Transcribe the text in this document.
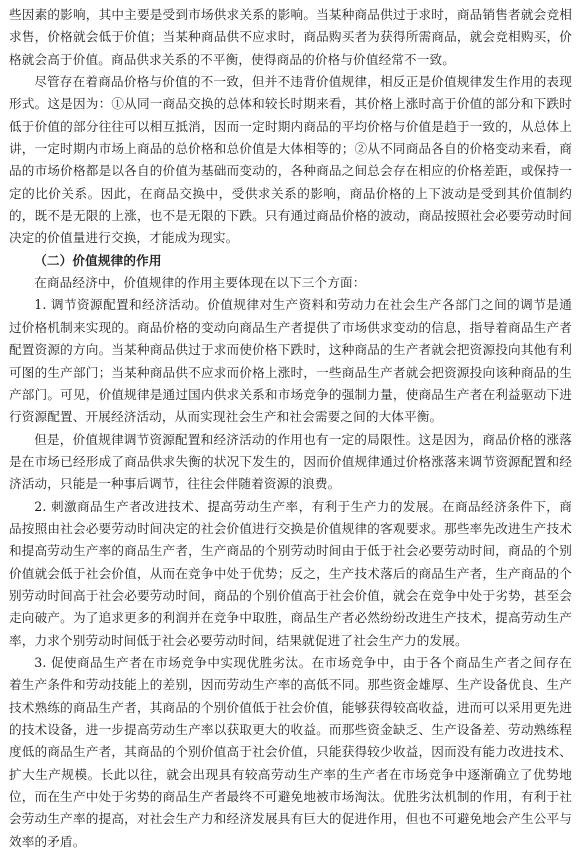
些因素的影响，其中主要是受到市场供求关系的影响。当某种商品供过于求时，商品销售者就会竞相求售，价格就会低于价值；当某种商品供不应求时，商品购买者为获得所需商品，就会竞相购买，价格就会高于价值。商品供求关系的不平衡，使得商品的价格与价值经常不一致。

尽管存在着商品价格与价值的不一致，但并不违背价值规律，相反正是价值规律发生作用的表现形式。这是因为：①从同一商品交换的总体和较长时期来看，其价格上涨时高于价值的部分和下跌时低于价值的部分往往可以相互抵消，因而一定时期内商品的平均价格与价值是趋于一致的，从总体上讲，一定时期内市场上商品的总价格和总价值是大体相等的；②从不同商品各自的价格变动来看，商品的市场价格都是以各自的价值为基础而变动的，各种商品之间总会存在相应的价格差距，或保持一定的比价关系。因此，在商品交换中，受供求关系的影响，商品价格的上下波动是受到其价值制约的，既不是无限的上涨，也不是无限的下跌。只有通过商品价格的波动，商品按照社会必要劳动时间决定的价值量进行交换，才能成为现实。

（二）价值规律的作用

在商品经济中，价值规律的作用主要体现在以下三个方面：

1. 调节资源配置和经济活动。价值规律对生产资料和劳动力在社会生产各部门之间的调节是通过价格机制来实现的。商品价格的变动向商品生产者提供了市场供求变动的信息，指导着商品生产者配置资源的方向。当某种商品供过于求而使价格下跌时，这种商品的生产者就会把资源投向其他有利可图的生产部门；当某种商品供不应求而价格上涨时，一些商品生产者就会把资源投向该种商品的生产部门。可见，价值规律是通过国内供求关系和市场竞争的强制力量，使商品生产者在利益驱动下进行资源配置、开展经济活动，从而实现社会生产和社会需要之间的大体平衡。

但是，价值规律调节资源配置和经济活动的作用也有一定的局限性。这是因为，商品价格的涨落是在市场已经形成了商品供求失衡的状况下发生的，因而价值规律通过价格涨落来调节资源配置和经济活动，只能是一种事后调节，往往会伴随着资源的浪费。

2. 刺激商品生产者改进技术、提高劳动生产率，有利于生产力的发展。在商品经济条件下，商品按照由社会必要劳动时间决定的社会价值进行交换是价值规律的客观要求。那些率先改进生产技术和提高劳动生产率的商品生产者，生产商品的个别劳动时间由于低于社会必要劳动时间，商品的个别价值就会低于社会价值，从而在竞争中处于优势；反之，生产技术落后的商品生产者，生产商品的个别劳动时间高于社会必要劳动时间，商品的个别价值高于社会价值，就会在竞争中处于劣势，甚至会走向破产。为了追求更多的利润并在竞争中取胜，商品生产者必然纷纷改进生产技术，提高劳动生产率，力求个别劳动时间低于社会必要劳动时间，结果就促进了社会生产力的发展。

3. 促使商品生产者在市场竞争中实现优胜劣汰。在市场竞争中，由于各个商品生产者之间存在着生产条件和劳动技能上的差别，因而劳动生产率的高低不同。那些资金雄厚、生产设备优良、生产技术熟练的商品生产者，其商品的个别价值低于社会价值，能够获得较高收益，进而可以采用更先进的技术设备，进一步提高劳动生产率以获取更大的收益。而那些资金缺乏、生产设备差、劳动熟练程度低的商品生产者，其商品的个别价值高于社会价值，只能获得较少收益，因而没有能力改进技术、扩大生产规模。长此以往，就会出现具有较高劳动生产率的生产者在市场竞争中逐渐确立了优势地位，而在生产中处于劣势的商品生产者最终不可避免地被市场淘汰。优胜劣汰机制的作用，有利于社会劳动生产率的提高，对社会生产力和经济发展具有巨大的促进作用，但也不可避免地会产生公平与效率的矛盾。
